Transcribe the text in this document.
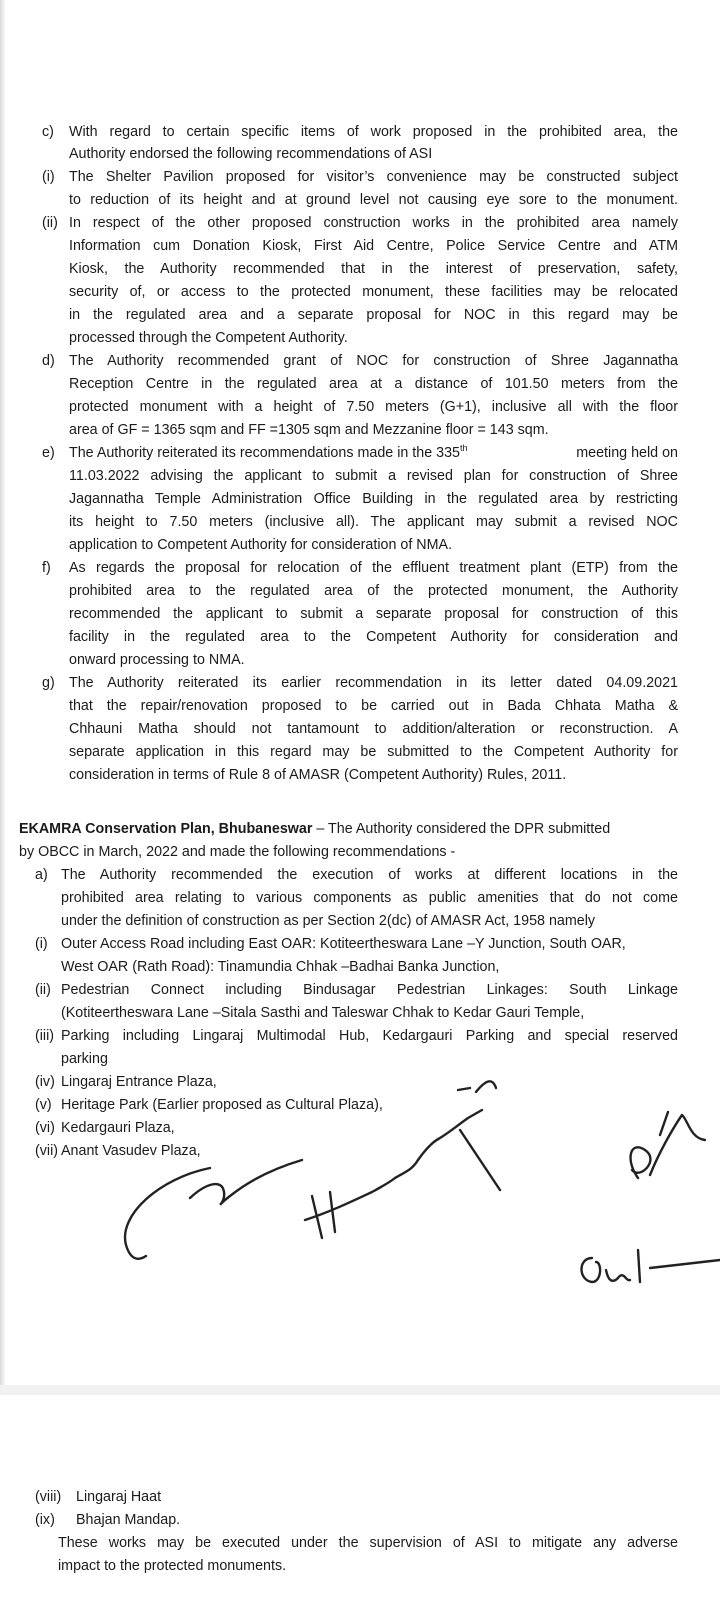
c) With regard to certain specific items of work proposed in the prohibited area, the
Authority endorsed the following recommendations of ASI
(i) The Shelter Pavilion proposed for visitor’s convenience may be constructed subject
to reduction of its height and at ground level not causing eye sore to the monument.
(ii) In respect of the other proposed construction works in the prohibited area namely
Information cum Donation Kiosk, First Aid Centre, Police Service Centre and ATM
Kiosk, the Authority recommended that in the interest of preservation, safety,
security of, or access to the protected monument, these facilities may be relocated
in the regulated area and a separate proposal for NOC in this regard may be
processed through the Competent Authority.
d) The Authority recommended grant of NOC for construction of Shree Jagannatha
Reception Centre in the regulated area at a distance of 101.50 meters from the
protected monument with a height of 7.50 meters (G+1), inclusive all with the floor
area of GF = 1365 sqm and FF =1305 sqm and Mezzanine floor = 143 sqm.
e) The Authority reiterated its recommendations made in the 335th	meeting held on
11.03.2022 advising the applicant to submit a revised plan for construction of Shree
Jagannatha Temple Administration Office Building in the regulated area by restricting
its height to 7.50 meters (inclusive all). The applicant may submit a revised NOC
application to Competent Authority for consideration of NMA.
f) As regards the proposal for relocation of the effluent treatment plant (ETP) from the
prohibited area to the regulated area of the protected monument, the Authority
recommended the applicant to submit a separate proposal for construction of this
facility in the regulated area to the Competent Authority for consideration and
onward processing to NMA.
g) The Authority reiterated its earlier recommendation in its letter dated 04.09.2021
that the repair/renovation proposed to be carried out in Bada Chhata Matha &
Chhauni Matha should not tantamount to addition/alteration or reconstruction. A
separate application in this regard may be submitted to the Competent Authority for
consideration in terms of Rule 8 of AMASR (Competent Authority) Rules, 2011.
EKAMRA Conservation Plan, Bhubaneswar – The Authority considered the DPR submitted
by OBCC in March, 2022 and made the following recommendations -
a) The Authority recommended the execution of works at different locations in the
prohibited area relating to various components as public amenities that do not come
under the definition of construction as per Section 2(dc) of AMASR Act, 1958 namely
(i) Outer Access Road including East OAR: Kotiteertheswara Lane –Y Junction, South OAR,
West OAR (Rath Road): Tinamundia Chhak –Badhai Banka Junction,
(ii) Pedestrian Connect including Bindusagar Pedestrian Linkages: South Linkage
(Kotiteertheswara Lane –Sitala Sasthi and Taleswar Chhak to Kedar Gauri Temple,
(iii) Parking including Lingaraj Multimodal Hub, Kedargauri Parking and special reserved
parking
(iv) Lingaraj Entrance Plaza,
(v) Heritage Park (Earlier proposed as Cultural Plaza),
(vi) Kedargauri Plaza,
(vii) Anant Vasudev Plaza,
(viii) Lingaraj Haat
(ix) Bhajan Mandap.
These works may be executed under the supervision of ASI to mitigate any adverse
impact to the protected monuments.
